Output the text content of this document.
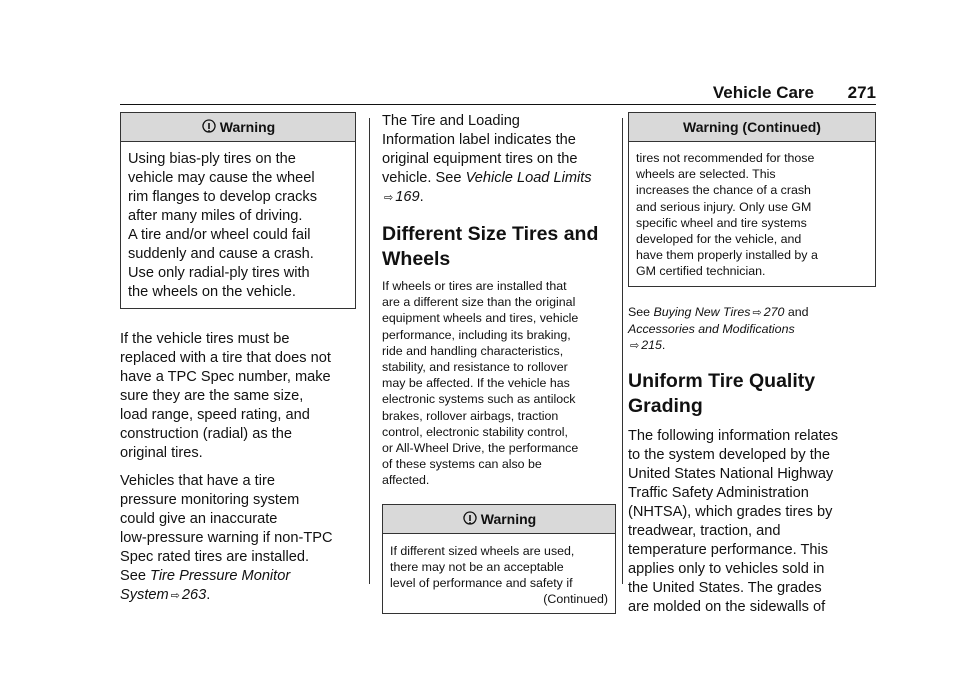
Vehicle Care 271
Warning

Using bias-ply tires on the

vehicle may cause the wheel

rim flanges to develop cracks

after many miles of driving.

A tire and/or wheel could fail

suddenly and cause a crash.

Use only radial-ply tires with

the wheels on the vehicle.

If the vehicle tires must be

replaced with a tire that does not

have a TPC Spec number, make

sure they are the same size,

load range, speed rating, and

construction (radial) as the

original tires.

Vehicles that have a tire

pressure monitoring system

could give an inaccurate

low-pressure warning if non-TPC

Spec rated tires are installed.

See Tire Pressure Monitor

System ⇨ 263.

The Tire and Loading

Information label indicates the

original equipment tires on the

vehicle. See Vehicle Load Limits

⇨ 169.

Different Size Tires and

Wheels

If wheels or tires are installed that

are a different size than the original

equipment wheels and tires, vehicle

performance, including its braking,

ride and handling characteristics,

stability, and resistance to rollover

may be affected. If the vehicle has

electronic systems such as antilock

brakes, rollover airbags, traction

control, electronic stability control,

or All-Wheel Drive, the performance

of these systems can also be

affected.

Warning

If different sized wheels are used,

there may not be an acceptable

level of performance and safety if

(Continued)

Warning (Continued)

tires not recommended for those

wheels are selected. This

increases the chance of a crash

and serious injury. Only use GM

specific wheel and tire systems

developed for the vehicle, and

have them properly installed by a

GM certified technician.

See Buying New Tires ⇨ 270 and

Accessories and Modifications

⇨ 215.

Uniform Tire Quality

Grading

The following information relates

to the system developed by the

United States National Highway

Traffic Safety Administration

(NHTSA), which grades tires by

treadwear, traction, and

temperature performance. This

applies only to vehicles sold in

the United States. The grades

are molded on the sidewalls of
